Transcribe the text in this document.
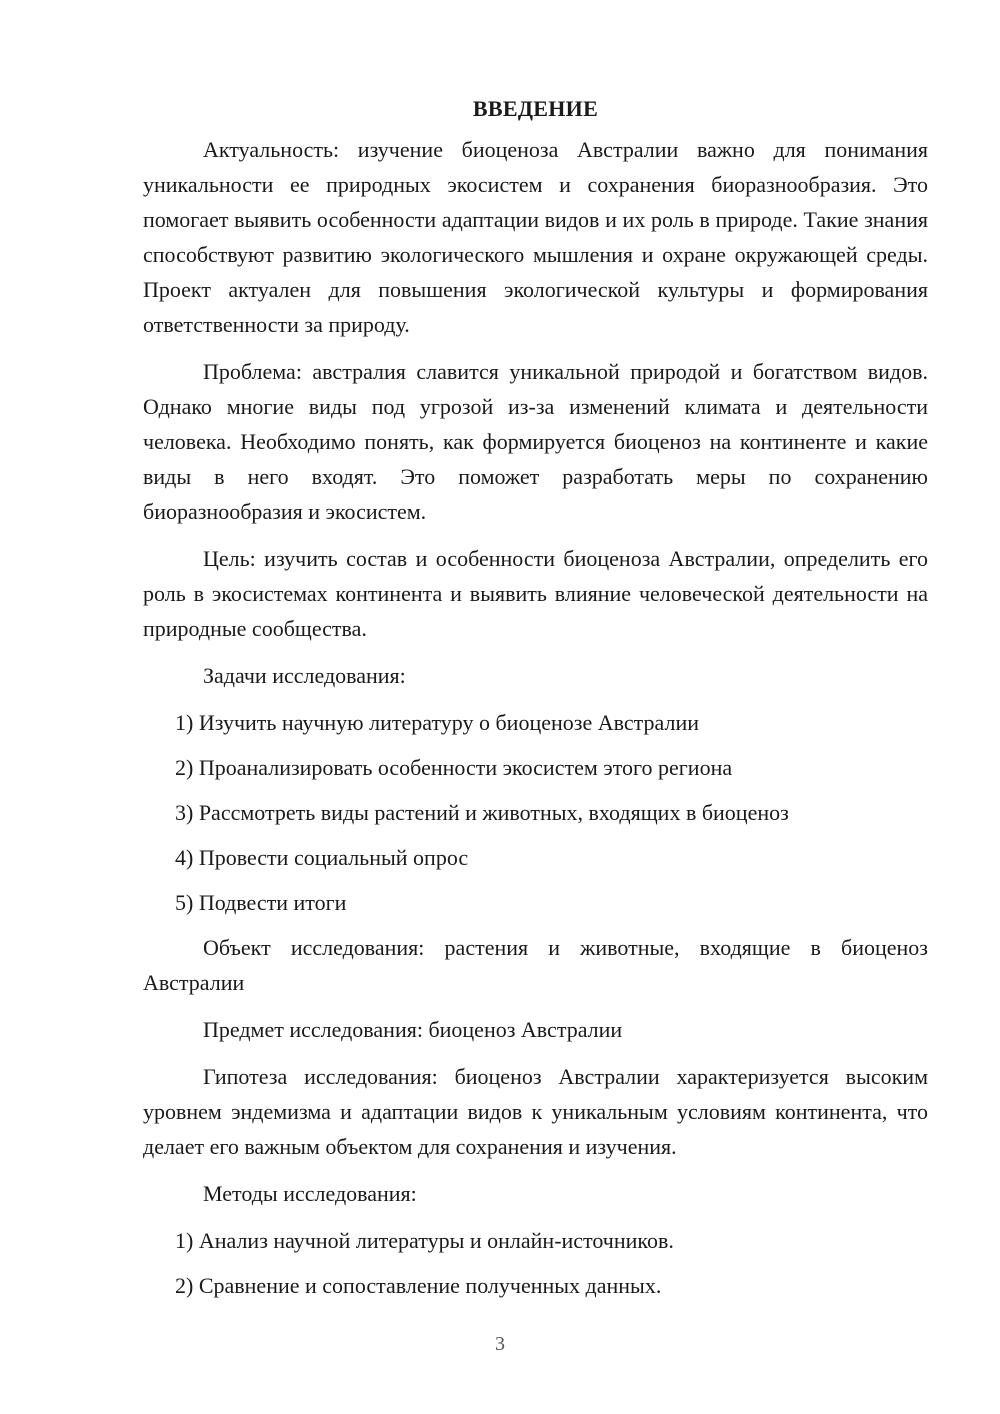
ВВЕДЕНИЕ

Актуальность: изучение биоценоза Австралии важно для понимания уникальности ее природных экосистем и сохранения биоразнообразия. Это помогает выявить особенности адаптации видов и их роль в природе. Такие знания способствуют развитию экологического мышления и охране окружающей среды. Проект актуален для повышения экологической культуры и формирования ответственности за природу.

Проблема: австралия славится уникальной природой и богатством видов. Однако многие виды под угрозой из-за изменений климата и деятельности человека. Необходимо понять, как формируется биоценоз на континенте и какие виды в него входят. Это поможет разработать меры по сохранению биоразнообразия и экосистем.

Цель: изучить состав и особенности биоценоза Австралии, определить его роль в экосистемах континента и выявить влияние человеческой деятельности на природные сообщества.

Задачи исследования:

1) Изучить научную литературу о биоценозе Австралии
2) Проанализировать особенности экосистем этого региона
3) Рассмотреть виды растений и животных, входящих в биоценоз
4) Провести социальный опрос
5) Подвести итоги

Объект исследования: растения и животные, входящие в биоценоз Австралии

Предмет исследования: биоценоз Австралии

Гипотеза исследования: биоценоз Австралии характеризуется высоким уровнем эндемизма и адаптации видов к уникальным условиям континента, что делает его важным объектом для сохранения и изучения.

Методы исследования:

1) Анализ научной литературы и онлайн-источников.
2) Сравнение и сопоставление полученных данных.
3
